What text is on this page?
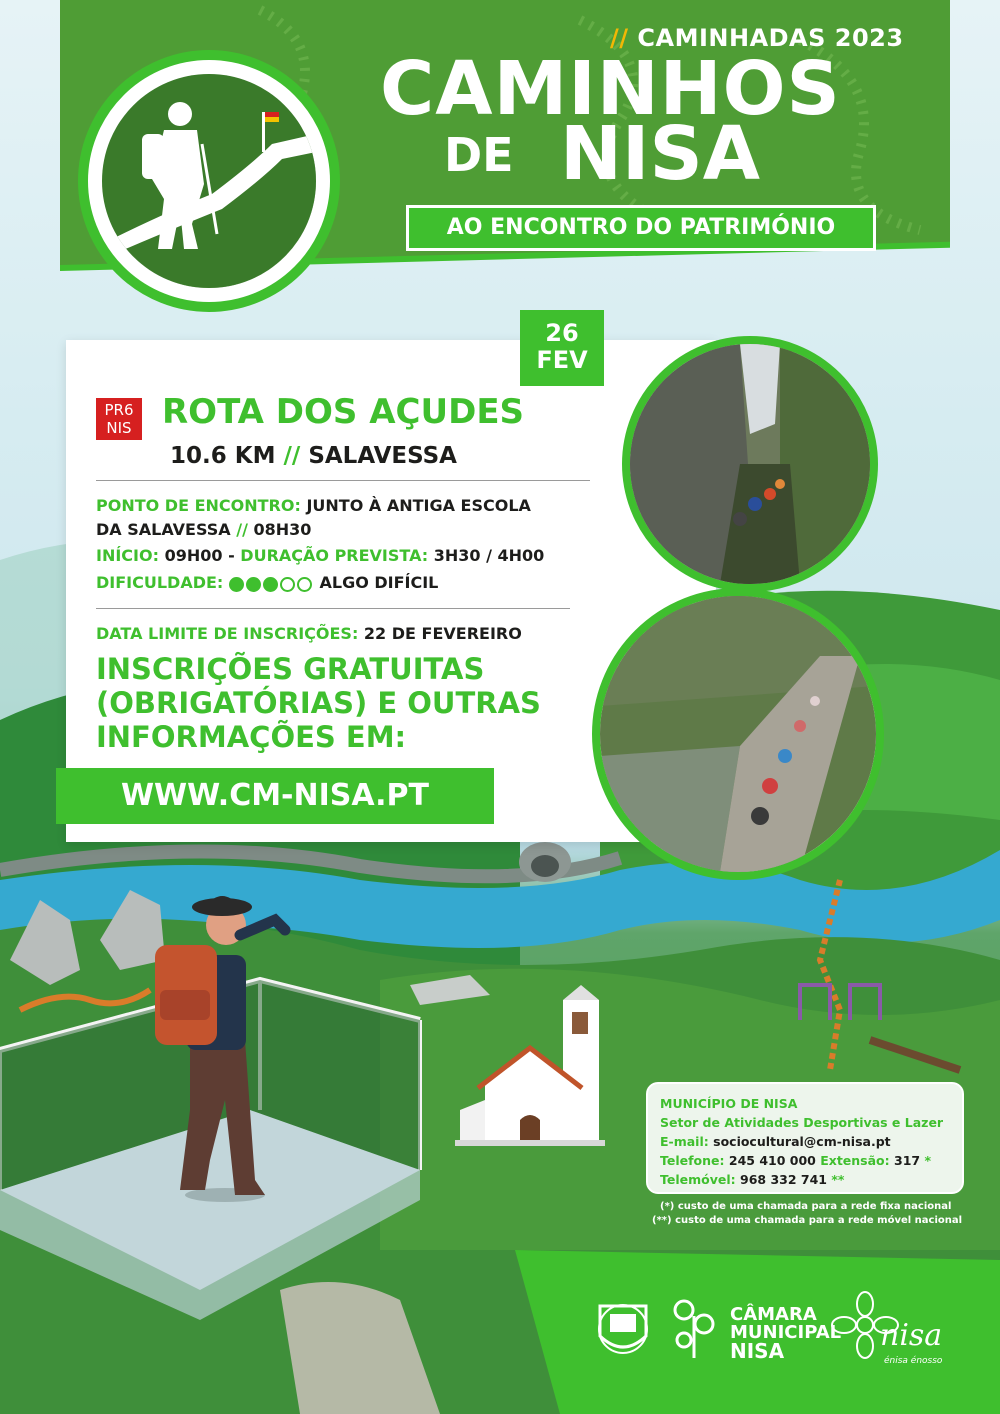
// CAMINHADAS 2023
CAMINHOS
DE NISA
AO ENCONTRO DO PATRIMÓNIO
26
FEV
PR6
NIS ROTA DOS AÇUDES
10.6 KM // SALAVESSA
PONTO DE ENCONTRO: JUNTO À ANTIGA ESCOLA
DA SALAVESSA // 08H30
INÍCIO: 09H00 - DURAÇÃO PREVISTA: 3H30 / 4H00
DIFICULDADE:	ALGO DIFÍCIL
DATA LIMITE DE INSCRIÇÕES: 22 DE FEVEREIRO
INSCRIÇÕES GRATUITAS
(OBRIGATÓRIAS) E OUTRAS
INFORMAÇÕES EM:
WWW.CM-NISA.PT
MUNICÍPIO DE NISA
Setor de Atividades Desportivas e Lazer
E-mail: sociocultural@cm-nisa.pt
Telefone: 245 410 000 Extensão: 317 *
Telemóvel: 968 332 741 **
(*) custo de uma chamada para a rede fixa nacional
(**) custo de uma chamada para a rede móvel nacional
CÂMARA
MUNICIPAL
NISA	nisa
énisa énosso
